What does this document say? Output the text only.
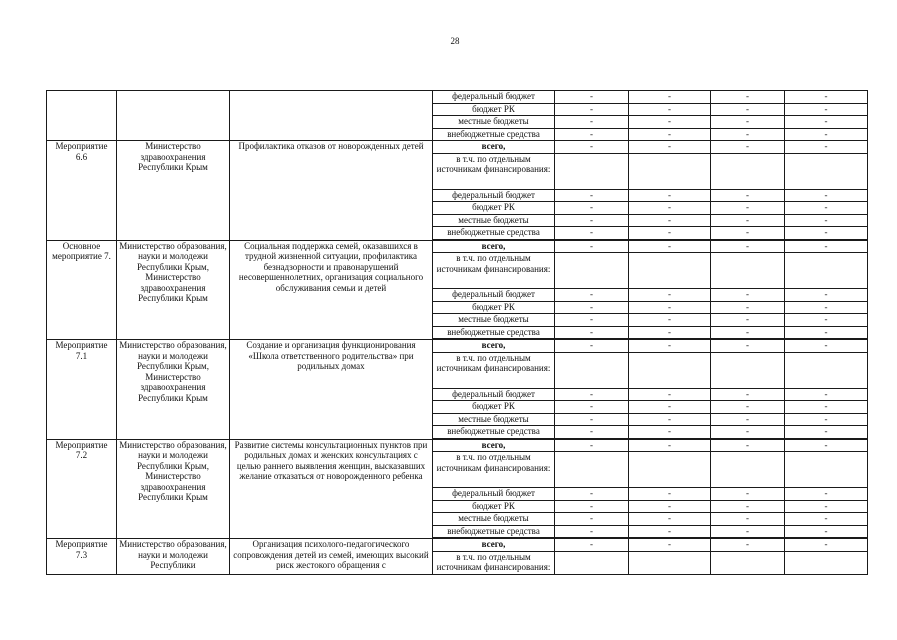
28
			федеральный бюджет	-	-	-	-
			бюджет РК	-	-	-	-
			местные бюджеты	-	-	-	-
			внебюджетные средства	-	-	-	-
Мероприятие 6.6	Министерство здравоохранения Республики Крым	Профилактика отказов от новорожденных детей	всего,	-	-	-	-
			в т.ч. по отдельным источникам финансирования:				
			федеральный бюджет	-	-	-	-
			бюджет РК	-	-	-	-
			местные бюджеты	-	-	-	-
			внебюджетные средства	-	-	-	-

Основное мероприятие 7.	Министерство образования, науки и молодежи Республики Крым, Министерство здравоохранения Республики Крым	Социальная поддержка семей, оказавшихся в трудной жизненной ситуации, профилактика безнадзорности и правонарушений несовершеннолетних, организация социального обслуживания семьи и детей	всего,	-	-	-	-
			в т.ч. по отдельным источникам финансирования:				
			федеральный бюджет	-	-	-	-
			бюджет РК	-	-	-	-
			местные бюджеты	-	-	-	-
			внебюджетные средства	-	-	-	-

Мероприятие 7.1	Министерство образования, науки и молодежи Республики Крым, Министерство здравоохранения Республики Крым	Создание и организация функционирования «Школа ответственного родительства» при родильных домах	всего,	-	-	-	-
			в т.ч. по отдельным источникам финансирования:				
			федеральный бюджет	-	-	-	-
			бюджет РК	-	-	-	-
			местные бюджеты	-	-	-	-
			внебюджетные средства	-	-	-	-

Мероприятие 7.2	Министерство образования, науки и молодежи Республики Крым, Министерство здравоохранения Республики Крым	Развитие системы консультационных пунктов при родильных домах и женских консультациях с целью раннего выявления женщин, высказавших желание отказаться от новорожденного ребенка	всего,	-	-	-	-
			в т.ч. по отдельным источникам финансирования:				
			федеральный бюджет	-	-	-	-
			бюджет РК	-	-	-	-
			местные бюджеты	-	-	-	-
			внебюджетные средства	-	-	-	-

Мероприятие 7.3	Министерство образования, науки и молодежи Республики	Организация психолого-педагогического сопровождения детей из семей, имеющих высокий риск жестокого обращения с	всего,	-	-	-	-
			в т.ч. по отдельным источникам финансирования:				
